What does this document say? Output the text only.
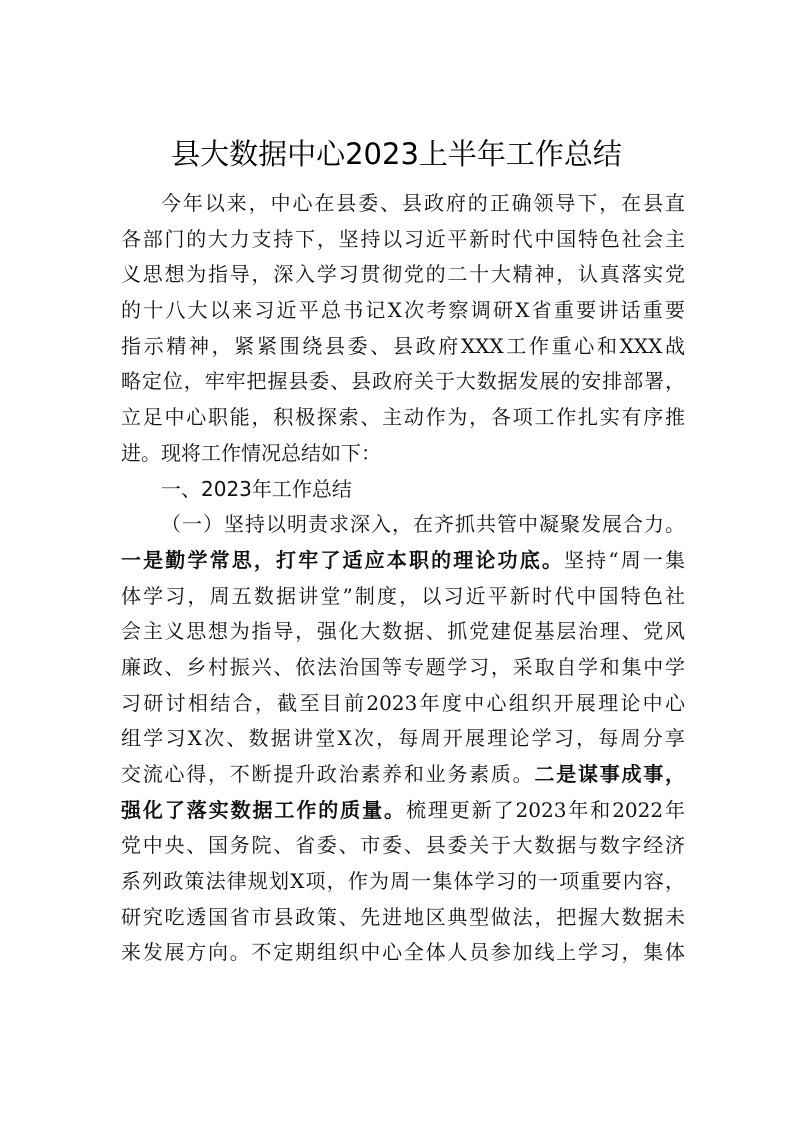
县大数据中心2023上半年工作总结
今年以来，中心在县委、县政府的正确领导下，在县直
各部门的大力支持下，坚持以习近平新时代中国特色社会主
义思想为指导，深入学习贯彻党的二十大精神，认真落实党
的十八大以来习近平总书记X次考察调研X省重要讲话重要
指示精神，紧紧围绕县委、县政府XXX工作重心和XXX战
略定位，牢牢把握县委、县政府关于大数据发展的安排部署，
立足中心职能，积极探索、主动作为，各项工作扎实有序推
进。现将工作情况总结如下：
一、2023年工作总结
（一）坚持以明责求深入，在齐抓共管中凝聚发展合力。
一是勤学常思，打牢了适应本职的理论功底。坚持“周一集
体学习，周五数据讲堂”制度，以习近平新时代中国特色社
会主义思想为指导，强化大数据、抓党建促基层治理、党风
廉政、乡村振兴、依法治国等专题学习，采取自学和集中学
习研讨相结合，截至目前2023年度中心组织开展理论中心
组学习X次、数据讲堂X次，每周开展理论学习，每周分享
交流心得，不断提升政治素养和业务素质。二是谋事成事，
强化了落实数据工作的质量。梳理更新了2023年和2022年
党中央、国务院、省委、市委、县委关于大数据与数字经济
系列政策法律规划X项，作为周一集体学习的一项重要内容，
研究吃透国省市县政策、先进地区典型做法，把握大数据未
来发展方向。不定期组织中心全体人员参加线上学习，集体
